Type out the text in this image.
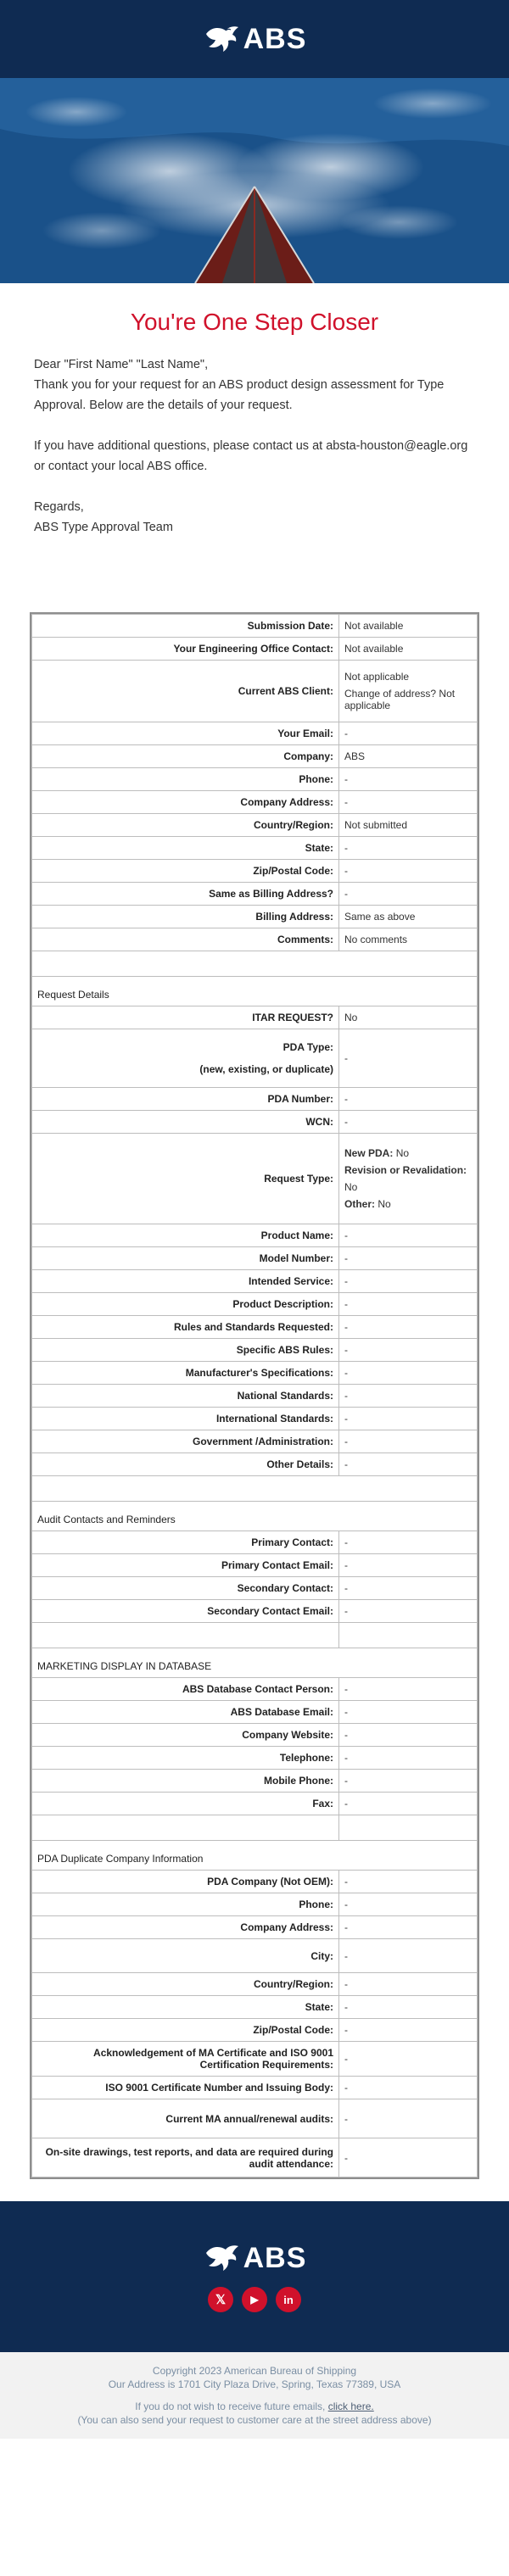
ABS
You're One Step Closer

Dear "First Name" "Last Name",

Thank you for your request for an ABS product design assessment for Type Approval. Below are the details of your request.

If you have additional questions, please contact us at absta-houston@eagle.org or contact your local ABS office.

Regards,

ABS Type Approval Team

Submission Date:	Not available
Your Engineering Office Contact:	Not available
Current ABS Client:	Not applicable

Change of address? Not applicable

Your Email:	-
Company:	ABS
Phone:	-
Company Address:	-
Country/Region:	Not submitted
State:	-
Zip/Postal Code:	-
Same as Billing Address?	-
Billing Address:	Same as above
Comments:	No comments

Request Details	
ITAR REQUEST?	No

PDA Type:
(new, existing, or duplicate)	-
PDA Number:	-
WCN:	-
Request Type:	New PDA: No

Revision or Revalidation:

No

Other: No

Product Name:	-
Model Number:	-
Intended Service:	-
Product Description:	-
Rules and Standards Requested:	-
Specific ABS Rules:	-
Manufacturer's Specifications:	-
National Standards:	-
International Standards:	-
Government /Administration:	-
Other Details:	-

Audit Contacts and Reminders	
Primary Contact:	-
Primary Contact Email:	-
Secondary Contact:	-
Secondary Contact Email:	-

MARKETING DISPLAY IN DATABASE	
ABS Database Contact Person:	-
ABS Database Email:	-
Company Website:	-
Telephone:	-
Mobile Phone:	-
Fax:	-

PDA Duplicate Company Information	
PDA Company (Not OEM):	-
Phone:	-
Company Address:	-
City:	-
Country/Region:	-
State:	-
Zip/Postal Code:	-
Acknowledgement of MA Certificate and ISO 9001 Certification Requirements:	-
ISO 9001 Certificate Number and Issuing Body:	-
Current MA annual/renewal audits:	-
On-site drawings, test reports, and data are required during audit attendance:	-
ABS
𝕏	▶	in
Copyright 2023 American Bureau of Shipping
Our Address is 1701 City Plaza Drive, Spring, Texas 77389, USA
If you do not wish to receive future emails, click here.
(You can also send your request to customer care at the street address above)
